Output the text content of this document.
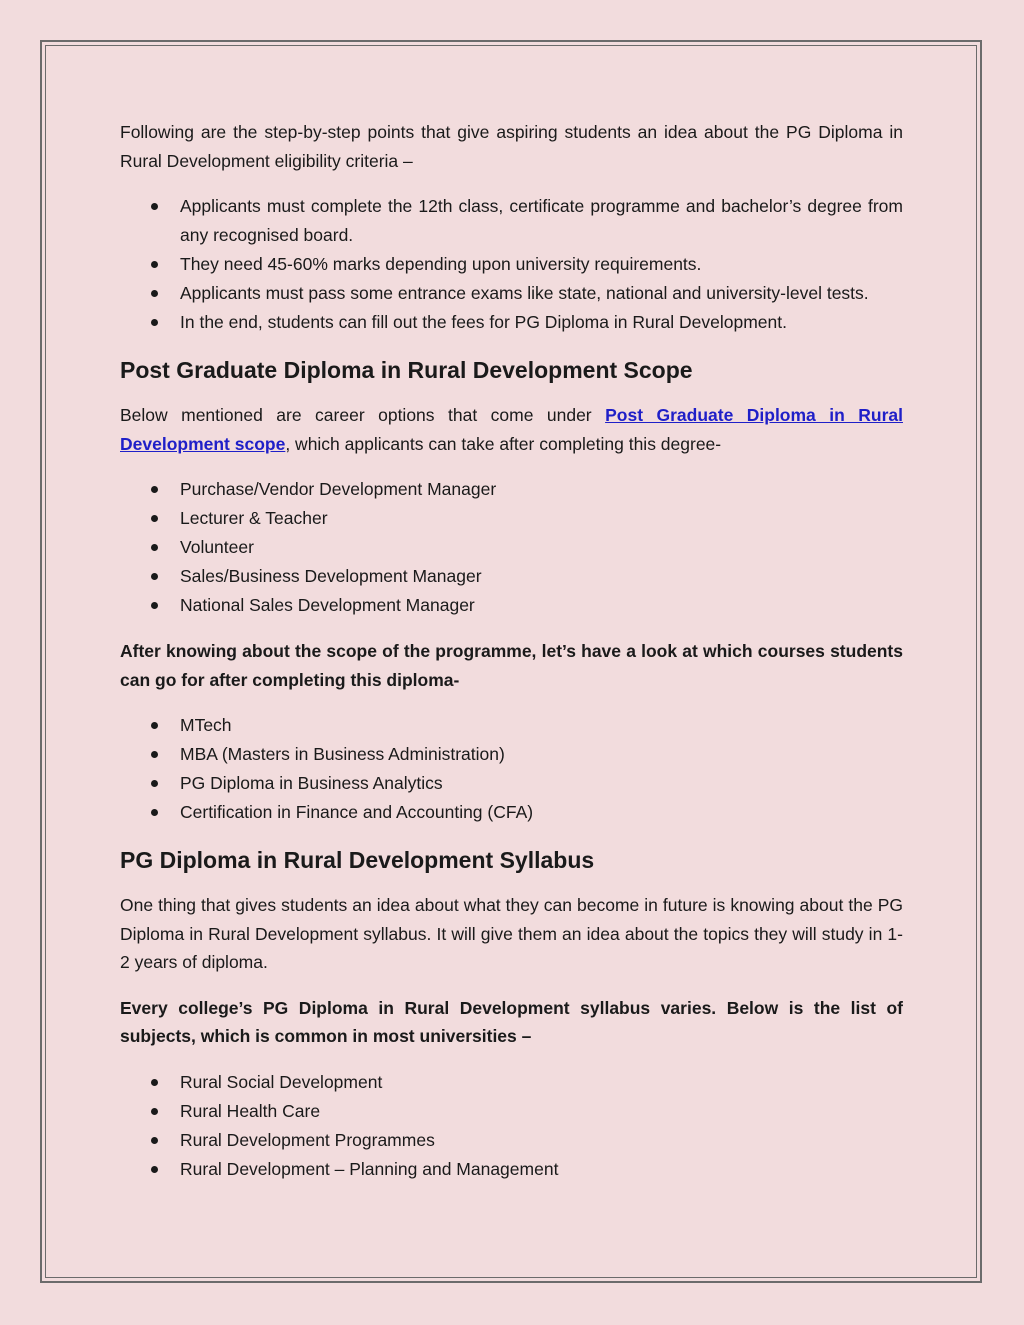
Following are the step-by-step points that give aspiring students an idea about the PG Diploma in Rural Development eligibility criteria –

Applicants must complete the 12th class, certificate programme and bachelor’s degree from any recognised board.
They need 45-60% marks depending upon university requirements.
Applicants must pass some entrance exams like state, national and university-level tests.
In the end, students can fill out the fees for PG Diploma in Rural Development.
Post Graduate Diploma in Rural Development Scope

Below mentioned are career options that come under Post Graduate Diploma in Rural Development scope, which applicants can take after completing this degree-

Purchase/Vendor Development Manager
Lecturer & Teacher
Volunteer
Sales/Business Development Manager
National Sales Development Manager

After knowing about the scope of the programme, let’s have a look at which courses students can go for after completing this diploma-

MTech
MBA (Masters in Business Administration)
PG Diploma in Business Analytics
Certification in Finance and Accounting (CFA)
PG Diploma in Rural Development Syllabus

One thing that gives students an idea about what they can become in future is knowing about the PG Diploma in Rural Development syllabus. It will give them an idea about the topics they will study in 1-2 years of diploma.

Every college’s PG Diploma in Rural Development syllabus varies. Below is the list of subjects, which is common in most universities –

Rural Social Development
Rural Health Care
Rural Development Programmes
Rural Development – Planning and Management
